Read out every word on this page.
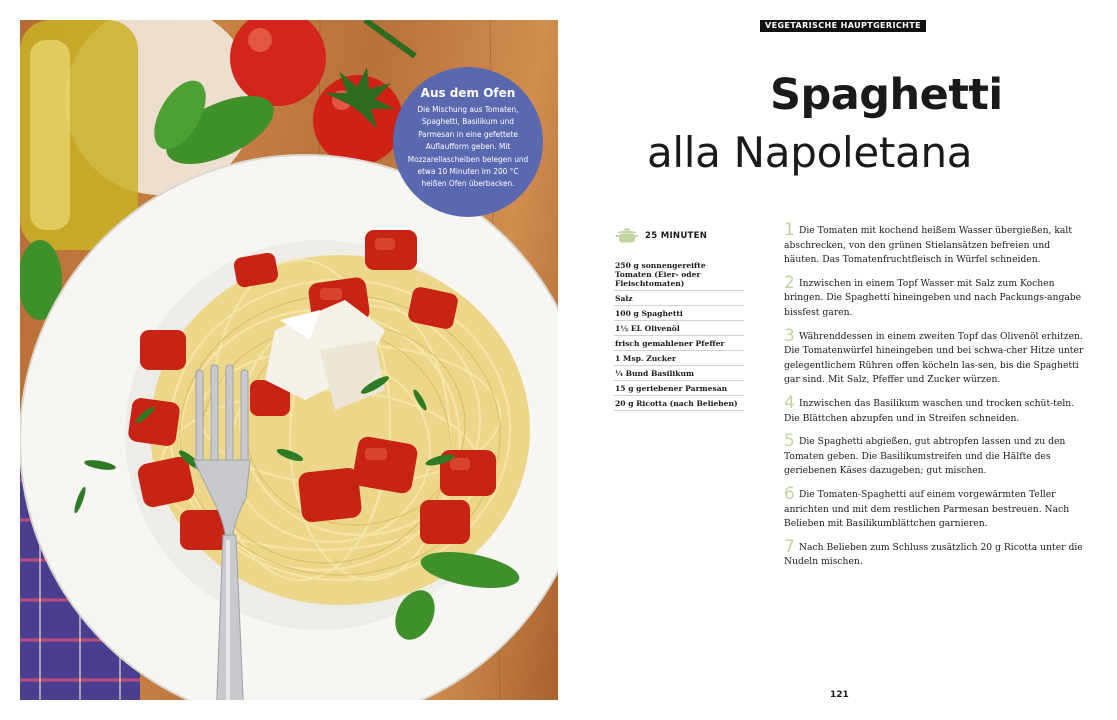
Aus dem Ofen
Die Mischung aus Tomaten, Spaghetti, Basilikum und Parmesan in eine gefettete Auflaufform geben. Mit Mozzarellascheiben belegen und etwa 10 Minuten im 200 °C heißen Ofen überbacken.
VEGETARISCHE HAUPTGERICHTE
Spaghetti
alla Napoletana
25 MINUTEN
250 g sonnengereifte Tomaten (Eier- oder Fleischtomaten)
Salz
100 g Spaghetti
1½ EL Olivenöl
frisch gemahlener Pfeffer
1 Msp. Zucker
¼ Bund Basilikum
15 g geriebener Parmesan
20 g Ricotta (nach Belieben)
1 Die Tomaten mit kochend heißem Wasser übergießen, kalt abschrecken, von den grünen Stielansätzen befreien und häuten. Das Tomatenfruchtfleisch in Würfel schneiden.

2 Inzwischen in einem Topf Wasser mit Salz zum Kochen bringen. Die Spaghetti hineingeben und nach Packungs-angabe bissfest garen.

3 Währenddessen in einem zweiten Topf das Olivenöl erhitzen. Die Tomatenwürfel hineingeben und bei schwa-cher Hitze unter gelegentlichem Rühren offen köcheln las-sen, bis die Spaghetti gar sind. Mit Salz, Pfeffer und Zucker würzen.

4 Inzwischen das Basilikum waschen und trocken schüt-teln. Die Blättchen abzupfen und in Streifen schneiden.

5 Die Spaghetti abgießen, gut abtropfen lassen und zu den Tomaten geben. Die Basilikumstreifen und die Hälfte des geriebenen Käses dazugeben; gut mischen.

6 Die Tomaten-Spaghetti auf einem vorgewärmten Teller anrichten und mit dem restlichen Parmesan bestreuen. Nach Belieben mit Basilikumblättchen garnieren.

7 Nach Belieben zum Schluss zusätzlich 20 g Ricotta unter die Nudeln mischen.

121
